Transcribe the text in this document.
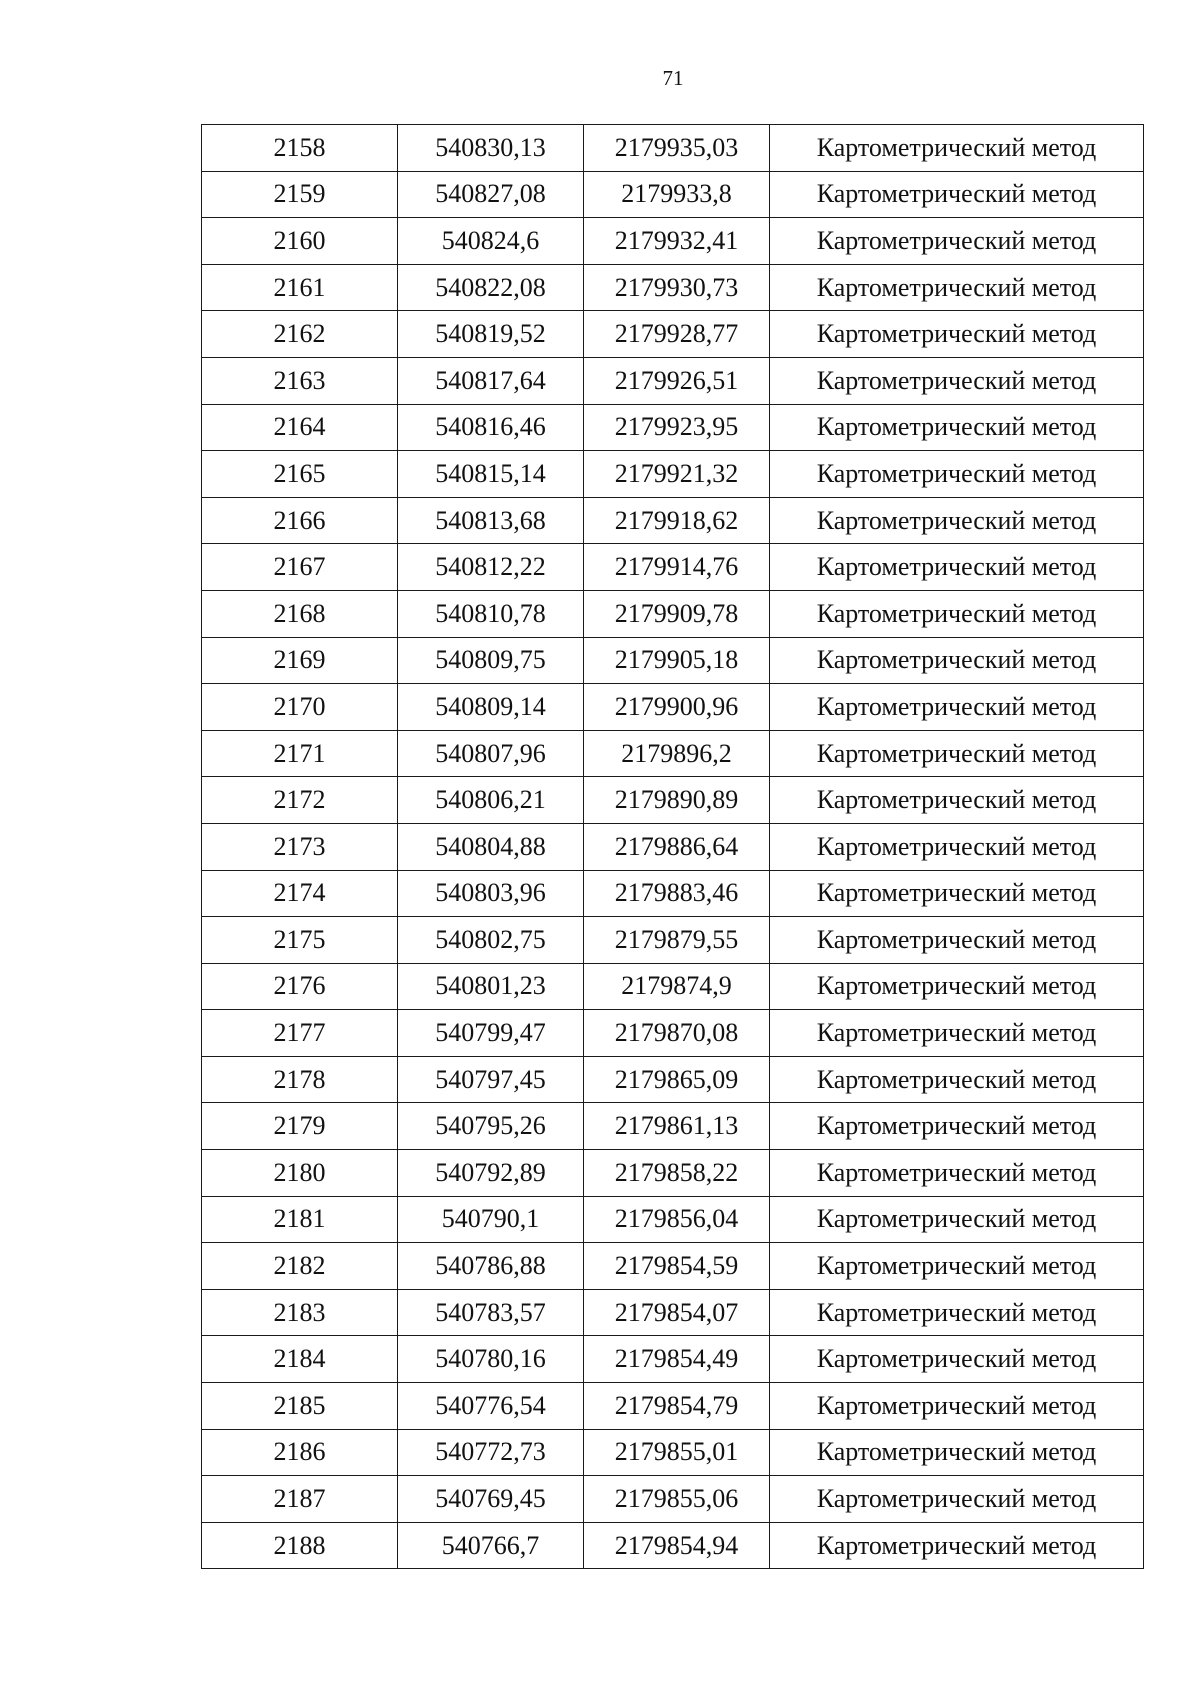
71
2158	540830,13	2179935,03	Картометрический метод
2159	540827,08	2179933,8	Картометрический метод
2160	540824,6	2179932,41	Картометрический метод
2161	540822,08	2179930,73	Картометрический метод
2162	540819,52	2179928,77	Картометрический метод
2163	540817,64	2179926,51	Картометрический метод
2164	540816,46	2179923,95	Картометрический метод
2165	540815,14	2179921,32	Картометрический метод
2166	540813,68	2179918,62	Картометрический метод
2167	540812,22	2179914,76	Картометрический метод
2168	540810,78	2179909,78	Картометрический метод
2169	540809,75	2179905,18	Картометрический метод
2170	540809,14	2179900,96	Картометрический метод
2171	540807,96	2179896,2	Картометрический метод
2172	540806,21	2179890,89	Картометрический метод
2173	540804,88	2179886,64	Картометрический метод
2174	540803,96	2179883,46	Картометрический метод
2175	540802,75	2179879,55	Картометрический метод
2176	540801,23	2179874,9	Картометрический метод
2177	540799,47	2179870,08	Картометрический метод
2178	540797,45	2179865,09	Картометрический метод
2179	540795,26	2179861,13	Картометрический метод
2180	540792,89	2179858,22	Картометрический метод
2181	540790,1	2179856,04	Картометрический метод
2182	540786,88	2179854,59	Картометрический метод
2183	540783,57	2179854,07	Картометрический метод
2184	540780,16	2179854,49	Картометрический метод
2185	540776,54	2179854,79	Картометрический метод
2186	540772,73	2179855,01	Картометрический метод
2187	540769,45	2179855,06	Картометрический метод
2188	540766,7	2179854,94	Картометрический метод
